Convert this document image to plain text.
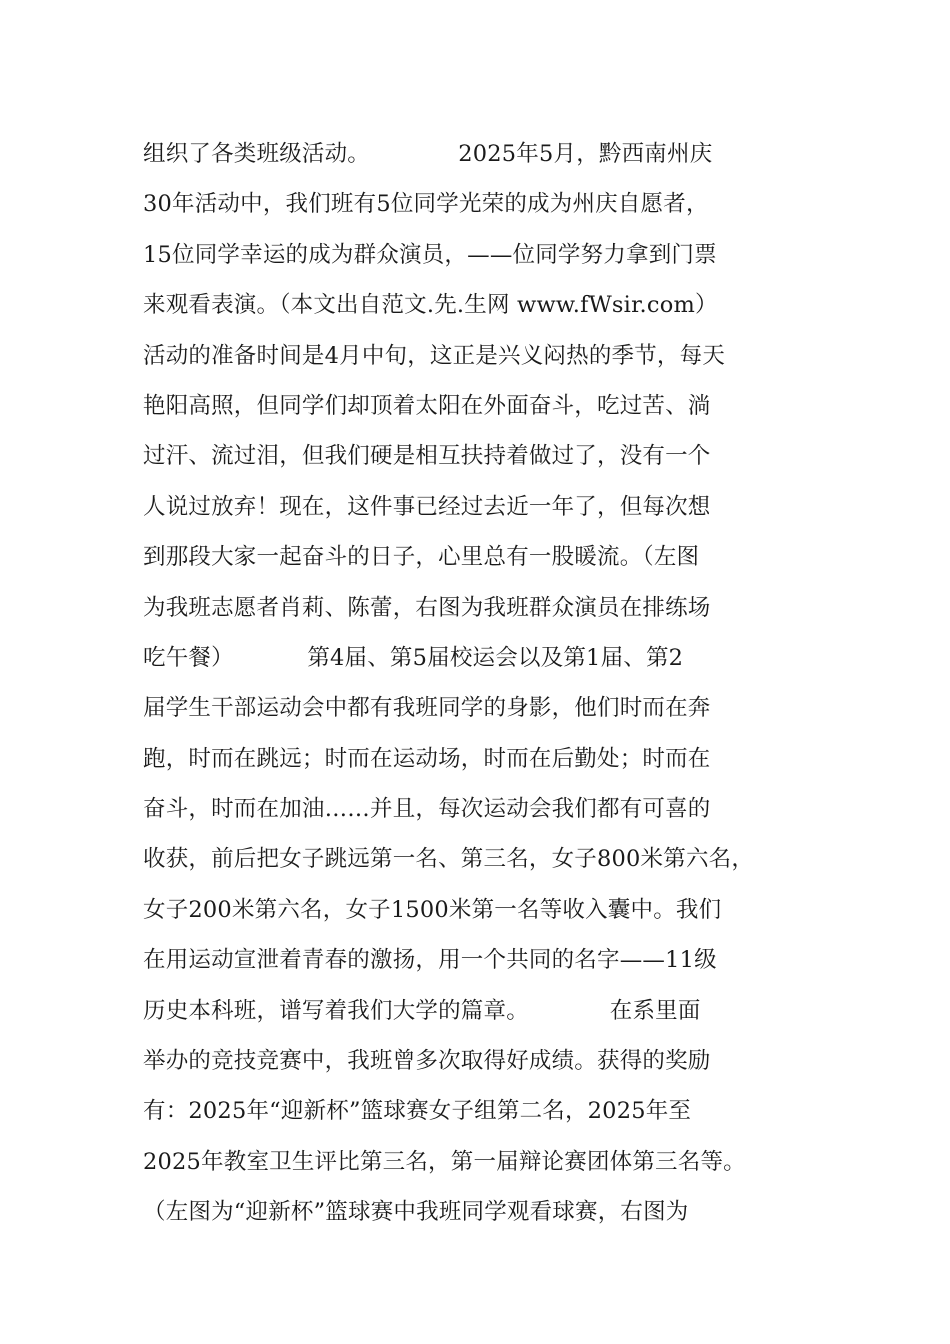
组织了各类班级活动。            2025年5月，黔西南州庆
30年活动中，我们班有5位同学光荣的成为州庆自愿者，
15位同学幸运的成为群众演员，——位同学努力拿到门票
来观看表演。（本文出自范文.先.生网 www.fWsir.com）
活动的准备时间是4月中旬，这正是兴义闷热的季节，每天
艳阳高照，但同学们却顶着太阳在外面奋斗，吃过苦、淌
过汗、流过泪，但我们硬是相互扶持着做过了，没有一个
人说过放弃！现在，这件事已经过去近一年了，但每次想
到那段大家一起奋斗的日子，心里总有一股暖流。（左图
为我班志愿者肖莉、陈蕾，右图为我班群众演员在排练场
吃午餐）          第4届、第5届校运会以及第1届、第2
届学生干部运动会中都有我班同学的身影，他们时而在奔
跑，时而在跳远；时而在运动场，时而在后勤处；时而在
奋斗，时而在加油……并且，每次运动会我们都有可喜的
收获，前后把女子跳远第一名、第三名，女子800米第六名，
女子200米第六名，女子1500米第一名等收入囊中。我们
在用运动宣泄着青春的激扬，用一个共同的名字——11级
历史本科班，谱写着我们大学的篇章。           在系里面
举办的竞技竞赛中，我班曾多次取得好成绩。获得的奖励
有：2025年“迎新杯”篮球赛女子组第二名，2025年至
2025年教室卫生评比第三名，第一届辩论赛团体第三名等。
（左图为“迎新杯”篮球赛中我班同学观看球赛，右图为
